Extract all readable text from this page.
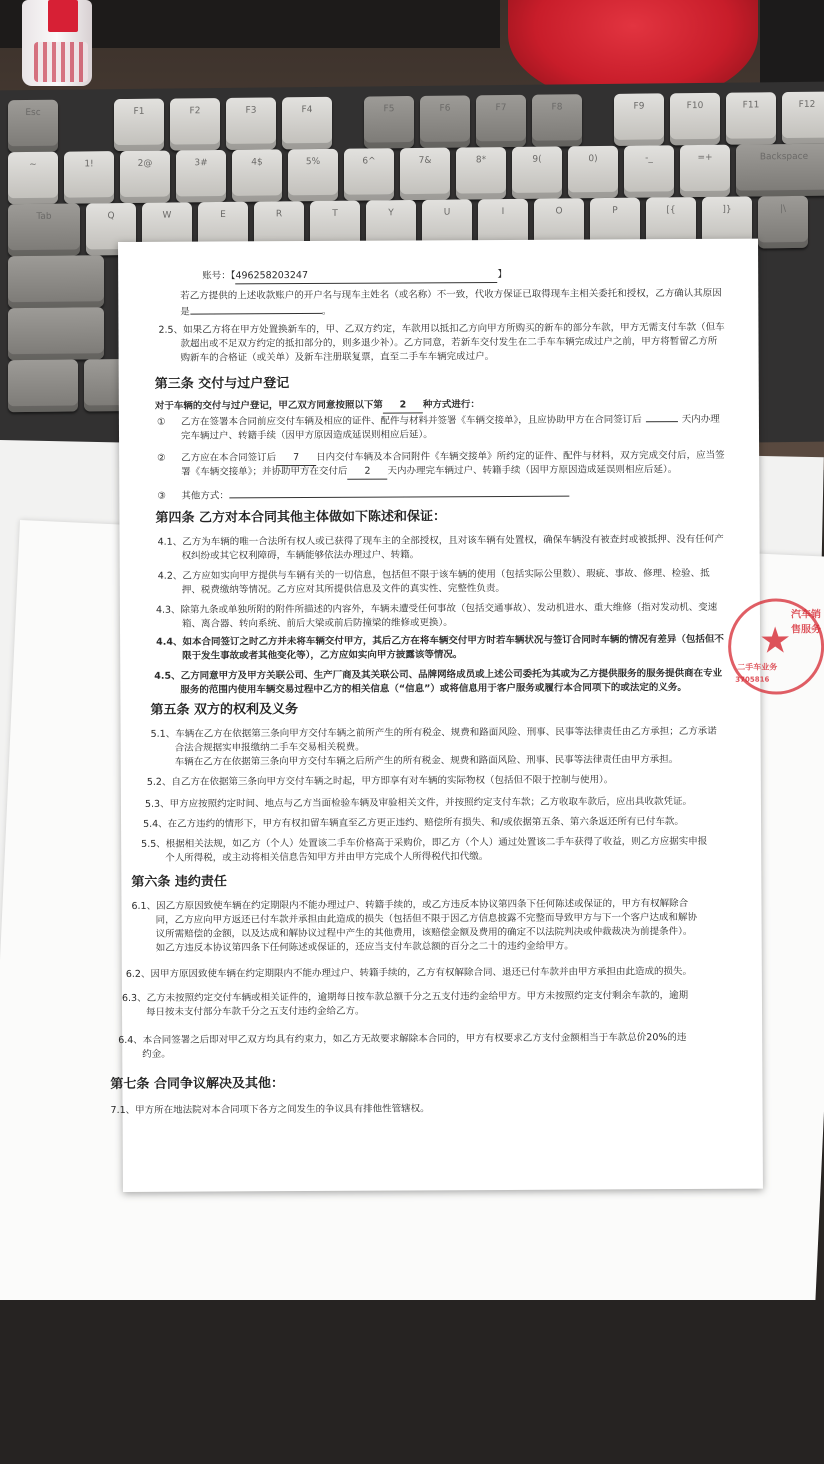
Esc	F1	F2	F3	F4	F5	F6	F7	F8	F9	F10	F11	F12
~	1!	2@	3#	4$	5%	6^	7&	8*	9(	0)	-_	=+	Backspace
Tab	Q	W	E	R	T	Y	U	I	O	P	[{	]}	|\
账号：【496258203247	】
若乙方提供的上述收款账户的开户名与现车主姓名（或名称）不一致，代收方保证已取得现车主相关委托和授权，乙方确认其原因
是	。
2.5、如果乙方将在甲方处置换新车的，甲、乙双方约定，车款用以抵扣乙方向甲方所购买的新车的部分车款，甲方无需支付车款（但车
款超出或不足双方约定的抵扣部分的，则多退少补）。乙方同意，若新车交付发生在二手车车辆完成过户之前，甲方将暂留乙方所
购新车的合格证（或关单）及新车注册联复票，直至二手车车辆完成过户。
第三条 交付与过户登记
对于车辆的交付与过户登记，甲乙双方同意按照以下第 2 种方式进行：
① 乙方在签署本合同前应交付车辆及相应的证件、配件与材料并签署《车辆交接单》，且应协助甲方在合同签订后	天内办理
完车辆过户、转籍手续（因甲方原因造成延误则相应后延）。
② 乙方应在本合同签订后 7 日内交付车辆及本合同附件《车辆交接单》所约定的证件、配件与材料，双方完成交付后，应当签
署《车辆交接单》；并协助甲方在交付后 2 天内办理完车辆过户、转籍手续（因甲方原因造成延误则相应后延）。
③ 其他方式：
第四条 乙方对本合同其他主体做如下陈述和保证：
4.1、乙方为车辆的唯一合法所有权人或已获得了现车主的全部授权，且对该车辆有处置权，确保车辆没有被查封或被抵押、没有任何产
权纠纷或其它权利障碍，车辆能够依法办理过户、转籍。
4.2、乙方应如实向甲方提供与车辆有关的一切信息，包括但不限于该车辆的使用（包括实际公里数）、瑕疵、事故、修理、检验、抵
押、税费缴纳等情况。乙方应对其所提供信息及文件的真实性、完整性负责。
4.3、除第九条或单独所附的附件所描述的内容外，车辆未遭受任何事故（包括交通事故）、发动机进水、重大维修（指对发动机、变速
箱、离合器、转向系统、前后大梁或前后防撞梁的维修或更换）。
4.4、如本合同签订之时乙方并未将车辆交付甲方，其后乙方在将车辆交付甲方时若车辆状况与签订合同时车辆的情况有差异（包括但不
限于发生事故或者其他变化等），乙方应如实向甲方披露该等情况。
4.5、乙方同意甲方及甲方关联公司、生产厂商及其关联公司、品牌网络成员或上述公司委托为其或为乙方提供服务的服务提供商在专业
服务的范围内使用车辆交易过程中乙方的相关信息（“信息”）或将信息用于客户服务或履行本合同项下的或法定的义务。
第五条 双方的权利及义务
5.1、车辆在乙方在依据第三条向甲方交付车辆之前所产生的所有税金、规费和路面风险、刑事、民事等法律责任由乙方承担；乙方承诺
合法合规据实申报缴纳二手车交易相关税费。
车辆在乙方在依据第三条向甲方交付车辆之后所产生的所有税金、规费和路面风险、刑事、民事等法律责任由甲方承担。
5.2、自乙方在依据第三条向甲方交付车辆之时起，甲方即享有对车辆的实际物权（包括但不限于控制与使用）。
5.3、甲方应按照约定时间、地点与乙方当面检验车辆及审验相关文件，并按照约定支付车款；乙方收取车款后，应出具收款凭证。
5.4、在乙方违约的情形下，甲方有权扣留车辆直至乙方更正违约、赔偿所有损失、和/或依据第五条、第六条返还所有已付车款。
5.5、根据相关法规，如乙方（个人）处置该二手车价格高于采购价，即乙方（个人）通过处置该二手车获得了收益，则乙方应据实申报
个人所得税，或主动将相关信息告知甲方并由甲方完成个人所得税代扣代缴。
第六条 违约责任
6.1、因乙方原因致使车辆在约定期限内不能办理过户、转籍手续的，或乙方违反本协议第四条下任何陈述或保证的，甲方有权解除合
同，乙方应向甲方返还已付车款并承担由此造成的损失（包括但不限于因乙方信息披露不完整而导致甲方与下一个客户达成和解协
议所需赔偿的金额，以及达成和解协议过程中产生的其他费用，该赔偿金额及费用的确定不以法院判决或仲裁裁决为前提条件）。
如乙方违反本协议第四条下任何陈述或保证的，还应当支付车款总额的百分之二十的违约金给甲方。
6.2、因甲方原因致使车辆在约定期限内不能办理过户、转籍手续的，乙方有权解除合同、退还已付车款并由甲方承担由此造成的损失。
6.3、乙方未按照约定交付车辆或相关证件的，逾期每日按车款总额千分之五支付违约金给甲方。甲方未按照约定支付剩余车款的，逾期
每日按未支付部分车款千分之五支付违约金给乙方。
6.4、本合同签署之后即对甲乙双方均具有约束力，如乙方无故要求解除本合同的，甲方有权要求乙方支付金额相当于车款总价20%的违
约金。
第七条 合同争议解决及其他：
7.1、甲方所在地法院对本合同项下各方之间发生的争议具有排他性管辖权。
★
汽车销售服务
二手车业务
3705816
